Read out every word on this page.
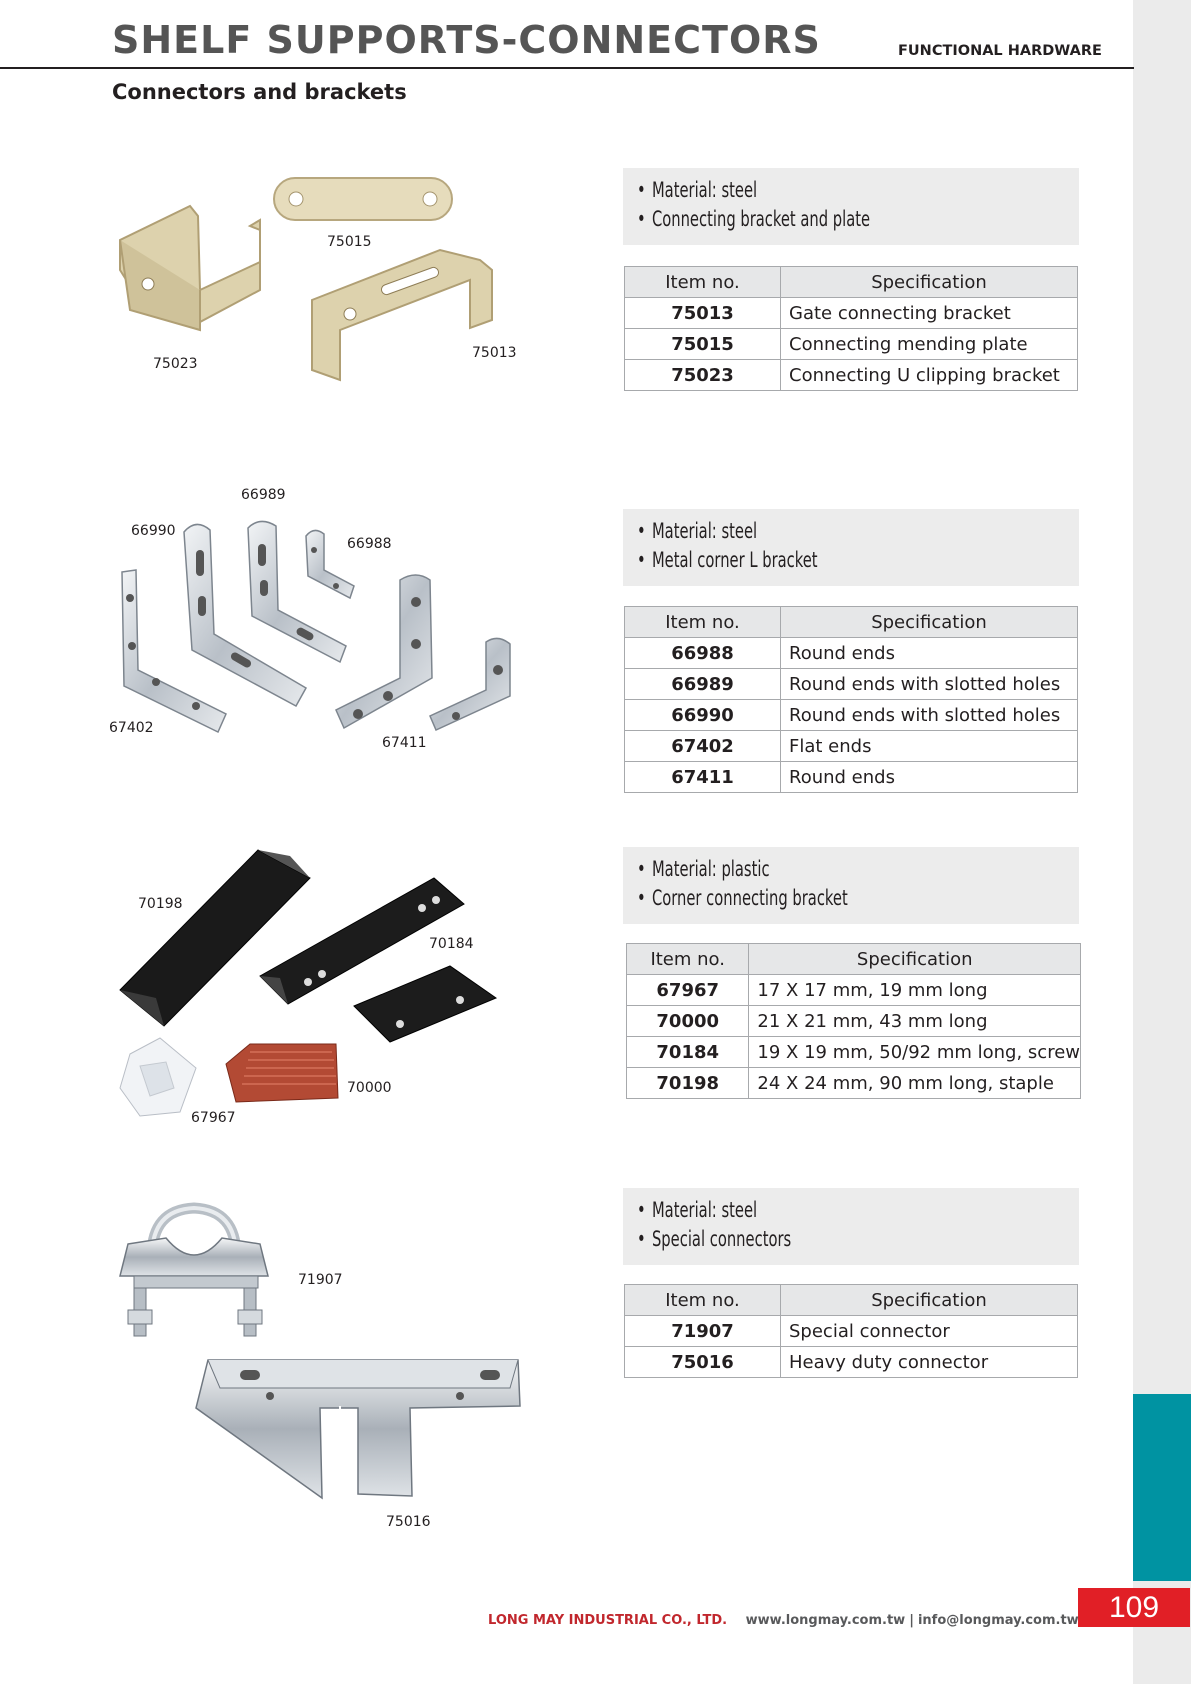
109
SHELF SUPPORTS-CONNECTORS	FUNCTIONAL HARDWARE
Connectors and brackets
75015
75023
75013
• Material: steel
• Connecting bracket and plate
Item no.	Specification
75013	Gate connecting bracket
75015	Connecting mending plate
75023	Connecting U clipping bracket
66989
66990
66988
67402
67411
• Material: steel
• Metal corner L bracket
Item no.	Specification
66988	Round ends
66989	Round ends with slotted holes
66990	Round ends with slotted holes
67402	Flat ends
67411	Round ends
70198
70184
70000
67967
• Material: plastic
• Corner connecting bracket
Item no.	Specification
67967	17 X 17 mm, 19 mm long
70000	21 X 21 mm, 43 mm long
70184	19 X 19 mm, 50/92 mm long, screw
70198	24 X 24 mm, 90 mm long, staple
71907
75016
• Material: steel
• Special connectors
Item no.	Specification
71907	Special connector
75016	Heavy duty connector
LONG MAY INDUSTRIAL CO., LTD. www.longmay.com.tw | info@longmay.com.tw
